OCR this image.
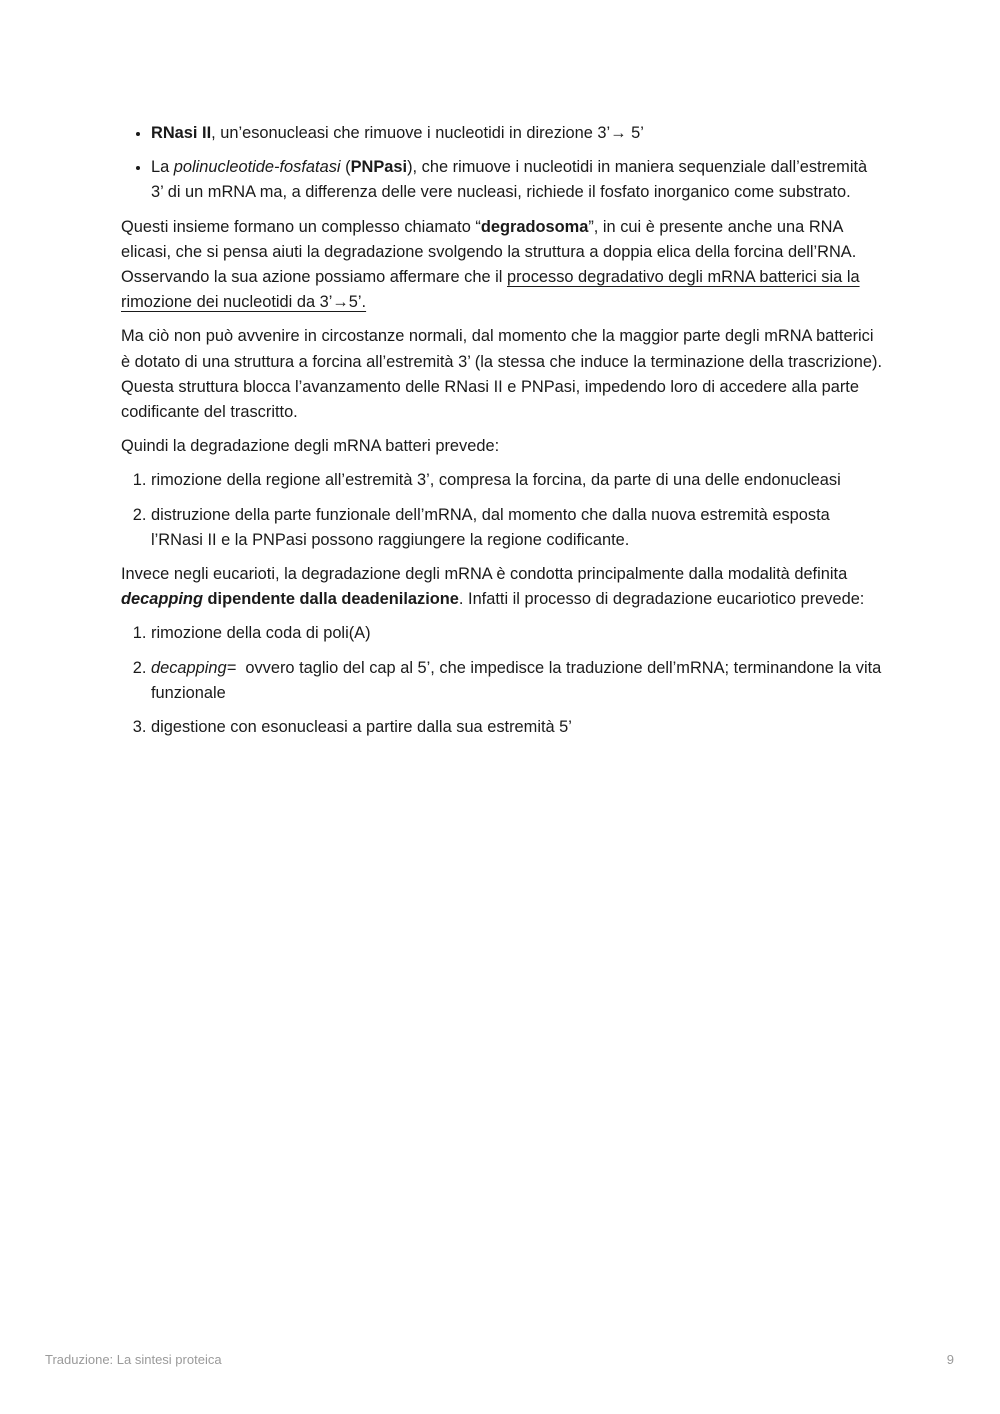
• RNasi II, un’esonucleasi che rimuove i nucleotidi in direzione 3’→ 5’
• La polinucleotide-fosfatasi (PNPasi), che rimuove i nucleotidi in maniera sequenziale dall’estremità 3’ di un mRNA ma, a differenza delle vere nucleasi, richiede il fosfato inorganico come substrato.

Questi insieme formano un complesso chiamato “degradosoma”, in cui è presente anche una RNA elicasi, che si pensa aiuti la degradazione svolgendo la struttura a doppia elica della forcina dell’RNA. Osservando la sua azione possiamo affermare che il processo degradativo degli mRNA batterici sia la rimozione dei nucleotidi da 3’→5’.

Ma ciò non può avvenire in circostanze normali, dal momento che la maggior parte degli mRNA batterici è dotato di una struttura a forcina all’estremità 3’ (la stessa che induce la terminazione della trascrizione). Questa struttura blocca l’avanzamento delle RNasi II e PNPasi, impedendo loro di accedere alla parte codificante del trascritto.

Quindi la degradazione degli mRNA batteri prevede:

1. rimozione della regione all’estremità 3’, compresa la forcina, da parte di una delle endonucleasi
2. distruzione della parte funzionale dell’mRNA, dal momento che dalla nuova estremità esposta l’RNasi II e la PNPasi possono raggiungere la regione codificante.

Invece negli eucarioti, la degradazione degli mRNA è condotta principalmente dalla modalità definita decapping dipendente dalla deadenilazione. Infatti il processo di degradazione eucariotico prevede:

1. rimozione della coda di poli(A)
2. decapping=  ovvero taglio del cap al 5’, che impedisce la traduzione dell’mRNA; terminandone la vita funzionale
3. digestione con esonucleasi a partire dalla sua estremità 5’
Traduzione: La sintesi proteica	9
